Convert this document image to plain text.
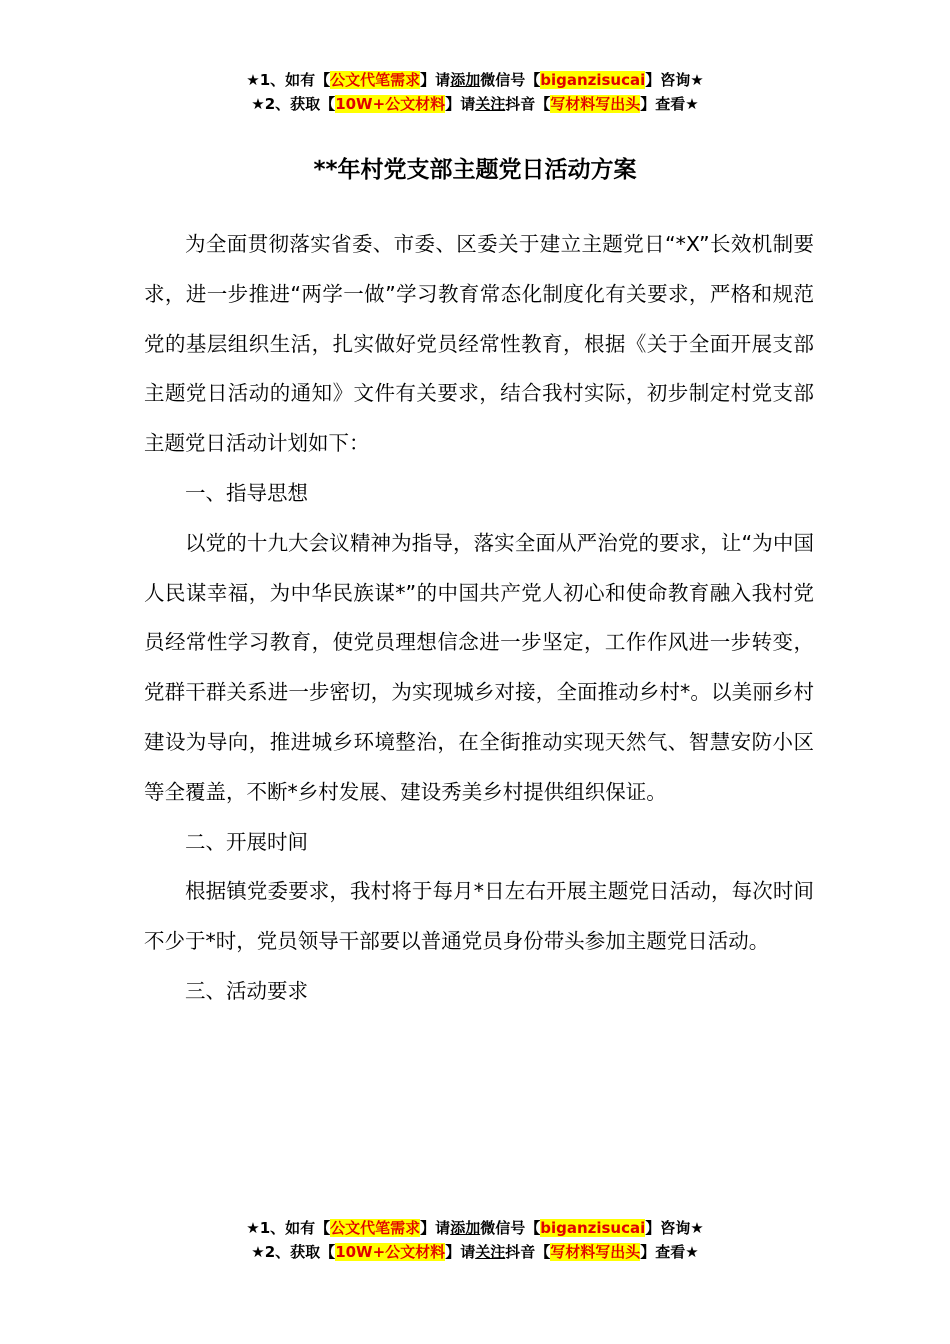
★1、如有【公文代笔需求】请添加微信号【biganzisucai】咨询★
★2、获取【10W+公文材料】请关注抖音【写材料写出头】查看★
**年村党支部主题党日活动方案

为全面贯彻落实省委、市委、区委关于建立主题党日“*X”长效机制要求，进一步推进“两学一做”学习教育常态化制度化有关要求，严格和规范党的基层组织生活，扎实做好党员经常性教育，根据《关于全面开展支部主题党日活动的通知》文件有关要求，结合我村实际，初步制定村党支部主题党日活动计划如下：

一、指导思想

以党的十九大会议精神为指导，落实全面从严治党的要求，让“为中国人民谋幸福，为中华民族谋*”的中国共产党人初心和使命教育融入我村党员经常性学习教育，使党员理想信念进一步坚定，工作作风进一步转变，党群干群关系进一步密切，为实现城乡对接，全面推动乡村*。以美丽乡村建设为导向，推进城乡环境整治，在全街推动实现天然气、智慧安防小区等全覆盖，不断*乡村发展、建设秀美乡村提供组织保证。

二、开展时间

根据镇党委要求，我村将于每月*日左右开展主题党日活动，每次时间不少于*时，党员领导干部要以普通党员身份带头参加主题党日活动。

三、活动要求

★1、如有【公文代笔需求】请添加微信号【biganzisucai】咨询★
★2、获取【10W+公文材料】请关注抖音【写材料写出头】查看★
